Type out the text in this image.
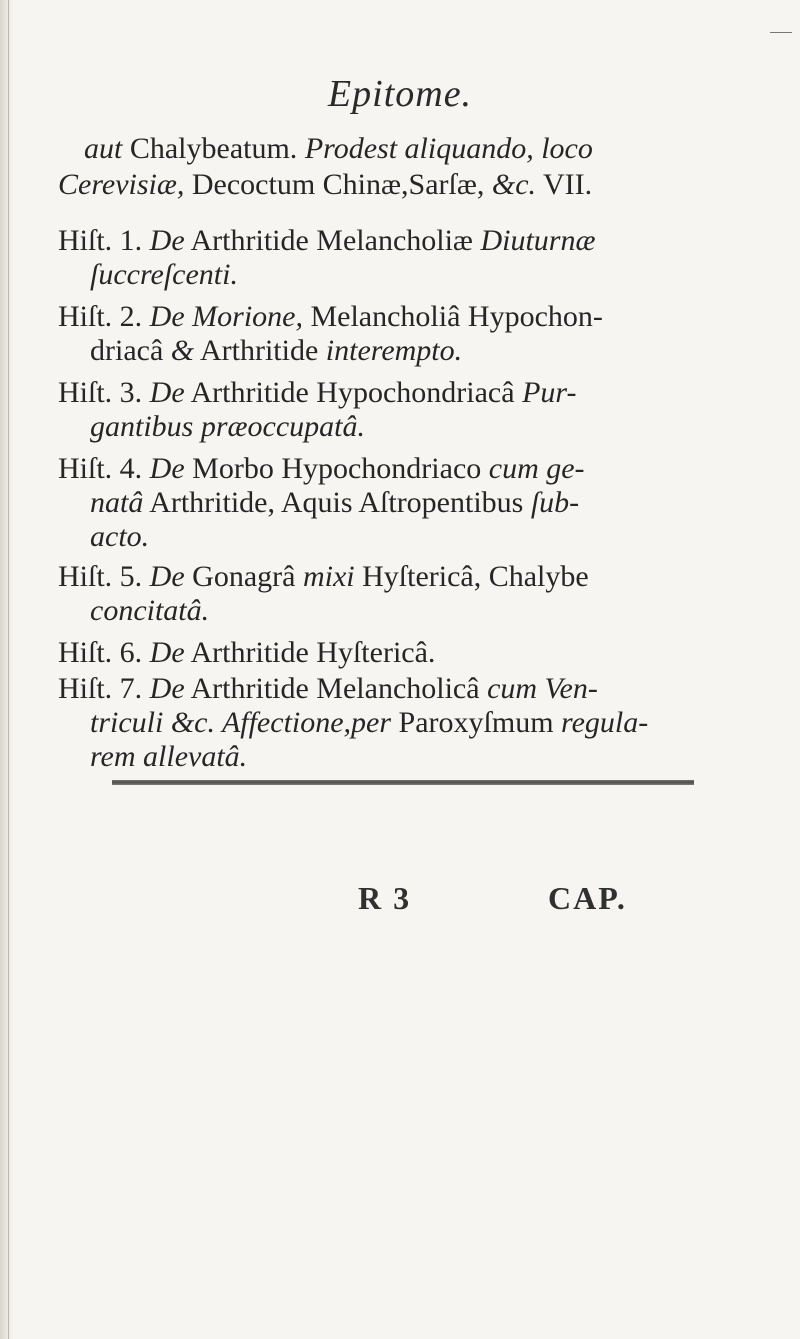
Epitome.
aut Chalybeatum. Prodest aliquando, loco
Cerevisiæ, Decoctum Chinæ,Sarſæ, &c. VII.
Hiſt. 1. De Arthritide Melancholiæ Diuturnæ
ſuccreſcenti.
Hiſt. 2. De Morione, Melancholiâ Hypochon-
driacâ & Arthritide interempto.
Hiſt. 3. De Arthritide Hypochondriacâ Pur-
gantibus præoccupatâ.
Hiſt. 4. De Morbo Hypochondriaco cum ge-
natâ Arthritide, Aquis Aſtropentibus ſub-
acto.
Hiſt. 5. De Gonagrâ mixi Hyſtericâ, Chalybe
concitatâ.
Hiſt. 6. De Arthritide Hyſtericâ.
Hiſt. 7. De Arthritide Melancholicâ cum Ven-
triculi &c. Affectione,per Paroxyſmum regula-
rem allevatâ.
R 3	CAP.
